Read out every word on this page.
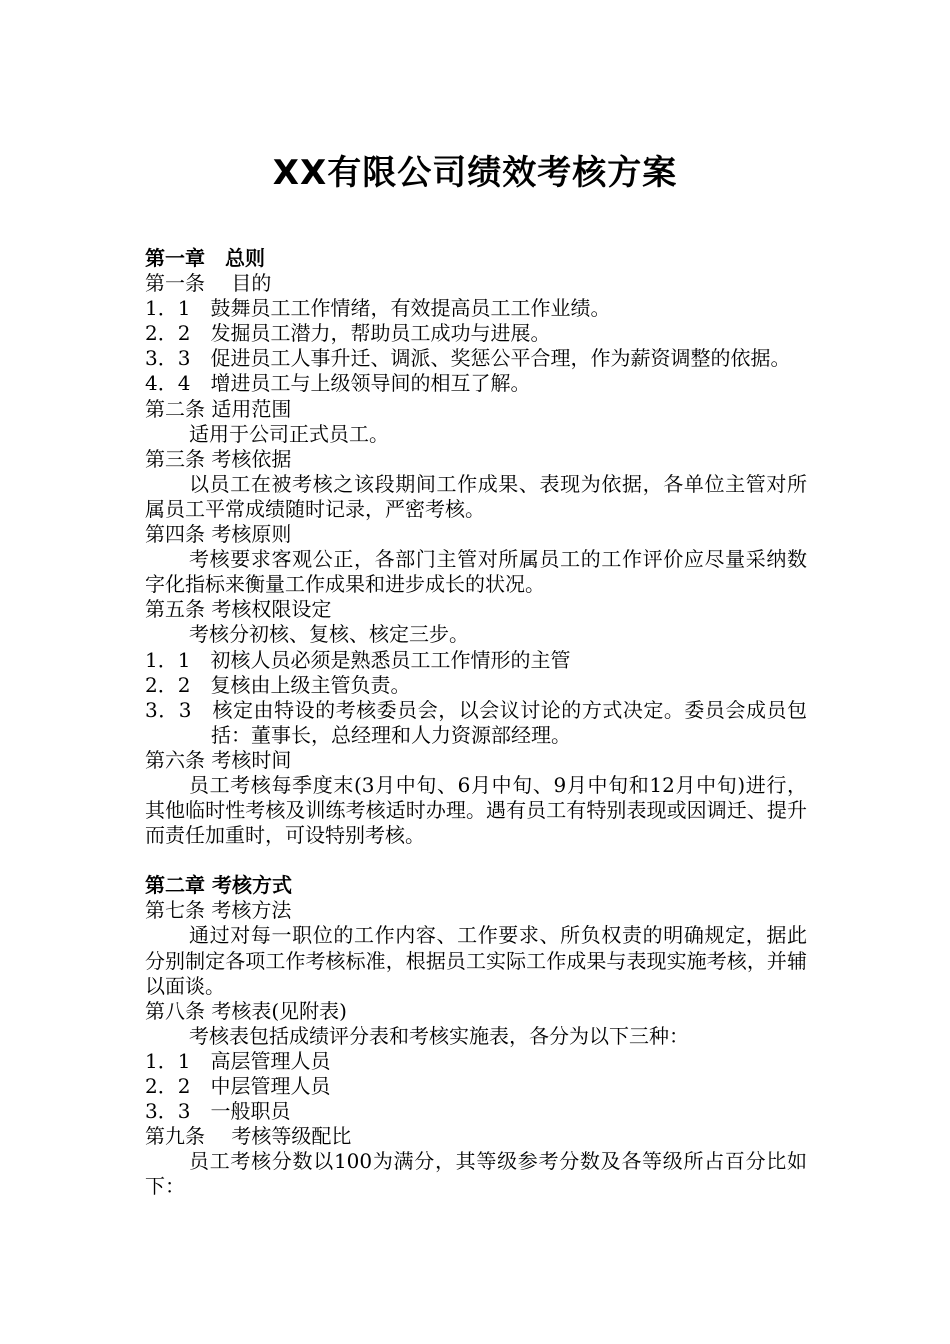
XX有限公司绩效考核方案

第一章　总则

第一条　 目的

1．1　鼓舞员工工作情绪，有效提高员工工作业绩。

2．2　发掘员工潜力，帮助员工成功与进展。

3．3　促进员工人事升迁、调派、奖惩公平合理，作为薪资调整的依据。

4．4　增进员工与上级领导间的相互了解。

第二条 适用范围

适用于公司正式员工。

第三条 考核依据

以员工在被考核之该段期间工作成果、表现为依据，各单位主管对所属员工平常成绩随时记录，严密考核。

第四条 考核原则

考核要求客观公正，各部门主管对所属员工的工作评价应尽量采纳数字化指标来衡量工作成果和进步成长的状况。

第五条 考核权限设定

考核分初核、复核、核定三步。

1．1　初核人员必须是熟悉员工工作情形的主管

2．2　复核由上级主管负责。

3．3　核定由特设的考核委员会，以会议讨论的方式决定。委员会成员包括：董事长，总经理和人力资源部经理。

第六条 考核时间

员工考核每季度末(3月中旬、6月中旬、9月中旬和12月中旬)进行，其他临时性考核及训练考核适时办理。遇有员工有特别表现或因调迁、提升而责任加重时，可设特别考核。

第二章 考核方式

第七条 考核方法

通过对每一职位的工作内容、工作要求、所负权责的明确规定，据此分别制定各项工作考核标准，根据员工实际工作成果与表现实施考核，并辅以面谈。

第八条 考核表(见附表)

考核表包括成绩评分表和考核实施表，各分为以下三种：

1．1　高层管理人员

2．2　中层管理人员

3．3　一般职员

第九条　 考核等级配比

员工考核分数以100为满分，其等级参考分数及各等级所占百分比如下：
